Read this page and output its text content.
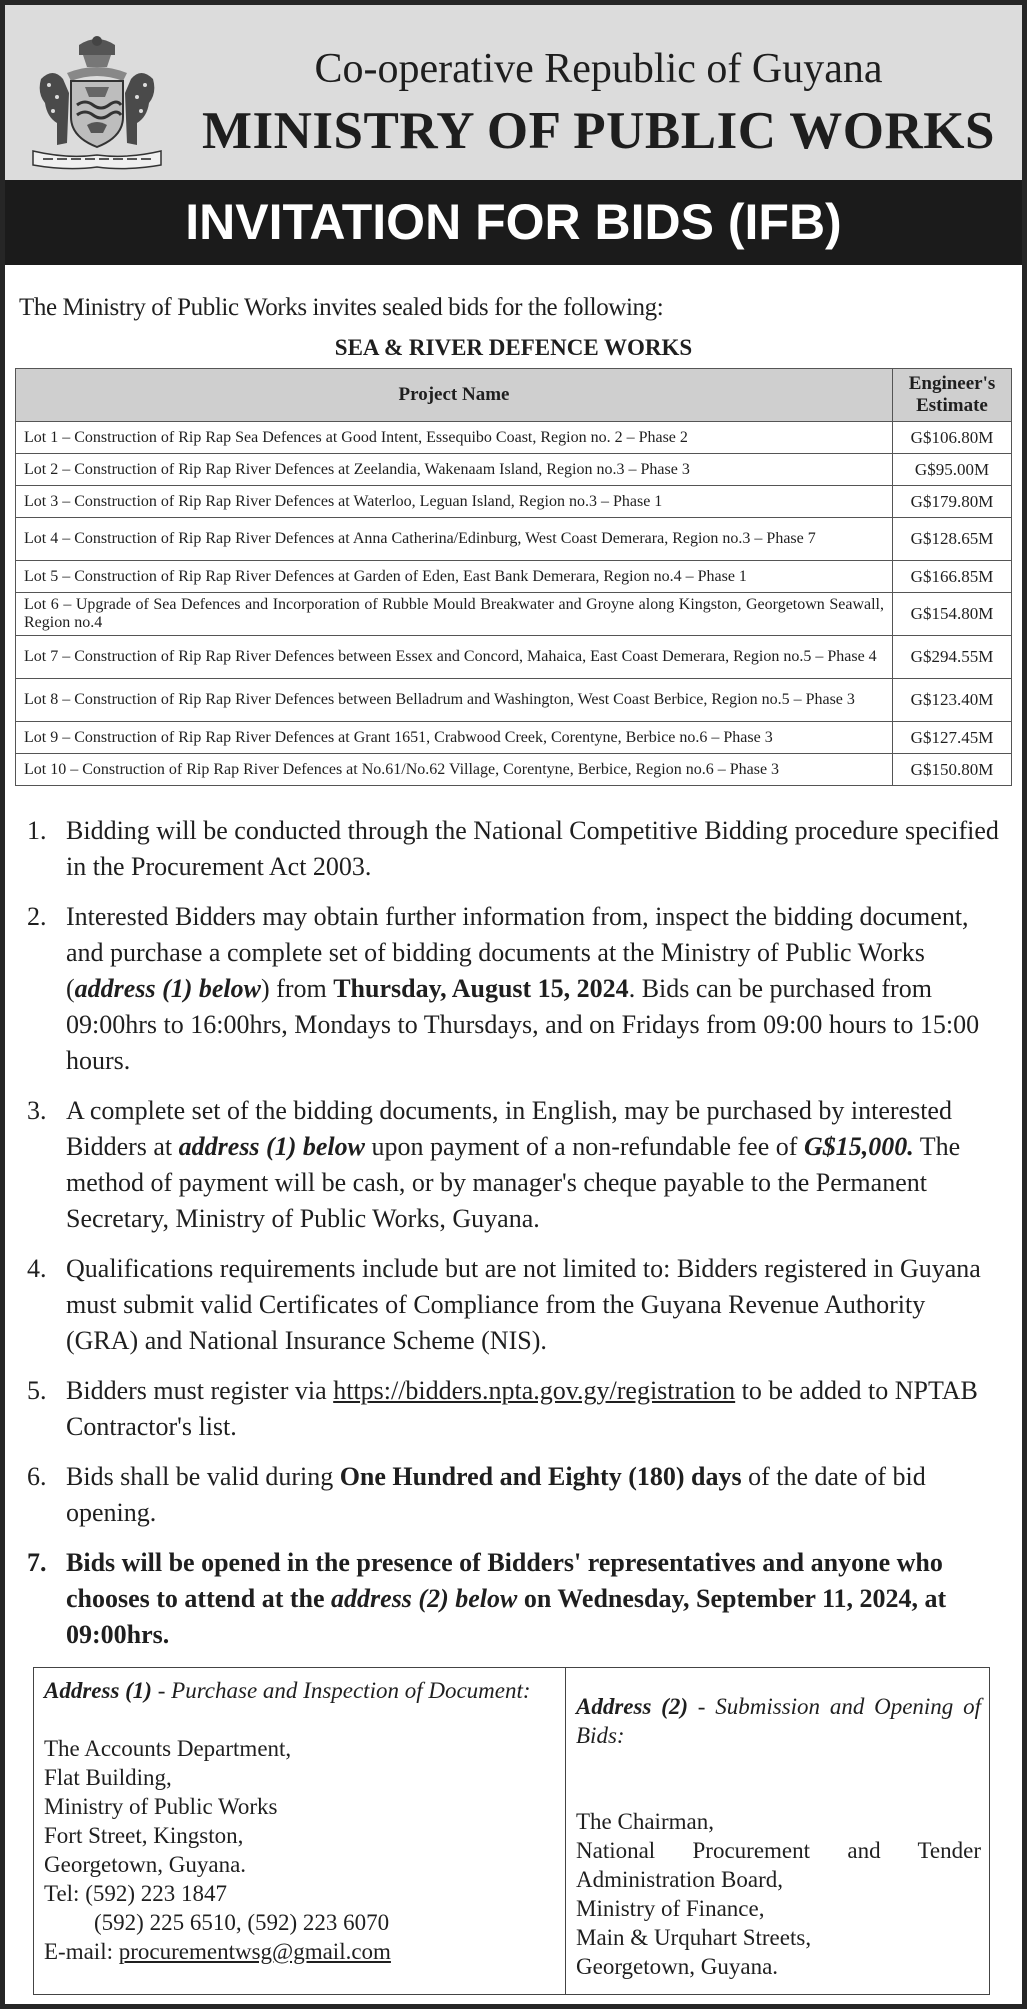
Co-operative Republic of Guyana
MINISTRY OF PUBLIC WORKS
INVITATION FOR BIDS (IFB)
The Ministry of Public Works invites sealed bids for the following:
SEA & RIVER DEFENCE WORKS
Project Name	Engineer's Estimate
Lot 1 – Construction of Rip Rap Sea Defences at Good Intent, Essequibo Coast, Region no. 2 – Phase 2	G$106.80M
Lot 2 – Construction of Rip Rap River Defences at Zeelandia, Wakenaam Island, Region no.3 – Phase 3	G$95.00M
Lot 3 – Construction of Rip Rap River Defences at Waterloo, Leguan Island, Region no.3 – Phase 1	G$179.80M
Lot 4 – Construction of Rip Rap River Defences at Anna Catherina/Edinburg, West Coast Demerara, Region no.3 – Phase 7	G$128.65M
Lot 5 – Construction of Rip Rap River Defences at Garden of Eden, East Bank Demerara, Region no.4 – Phase 1	G$166.85M
Lot 6 – Upgrade of Sea Defences and Incorporation of Rubble Mould Breakwater and Groyne along Kingston, Georgetown Seawall, Region no.4	G$154.80M
Lot 7 – Construction of Rip Rap River Defences between Essex and Concord, Mahaica, East Coast Demerara, Region no.5 – Phase 4	G$294.55M
Lot 8 – Construction of Rip Rap River Defences between Belladrum and Washington, West Coast Berbice, Region no.5 – Phase 3	G$123.40M
Lot 9 – Construction of Rip Rap River Defences at Grant 1651, Crabwood Creek, Corentyne, Berbice no.6 – Phase 3	G$127.45M
Lot 10 – Construction of Rip Rap River Defences at No.61/No.62 Village, Corentyne, Berbice, Region no.6 – Phase 3	G$150.80M
1. Bidding will be conducted through the National Competitive Bidding procedure specified in the Procurement Act 2003.
2. Interested Bidders may obtain further information from, inspect the bidding document, and purchase a complete set of bidding documents at the Ministry of Public Works (address (1) below) from Thursday, August 15, 2024. Bids can be purchased from 09:00hrs to 16:00hrs, Mondays to Thursdays, and on Fridays from 09:00 hours to 15:00 hours.
3. A complete set of the bidding documents, in English, may be purchased by interested Bidders at address (1) below upon payment of a non-refundable fee of G$15,000. The method of payment will be cash, or by manager's cheque payable to the Permanent Secretary, Ministry of Public Works, Guyana.
4. Qualifications requirements include but are not limited to: Bidders registered in Guyana must submit valid Certificates of Compliance from the Guyana Revenue Authority (GRA) and National Insurance Scheme (NIS).
5. Bidders must register via https://bidders.npta.gov.gy/registration to be added to NPTAB Contractor's list.
6. Bids shall be valid during One Hundred and Eighty (180) days of the date of bid opening.
7. Bids will be opened in the presence of Bidders' representatives and anyone who chooses to attend at the address (2) below on Wednesday, September 11, 2024, at 09:00hrs.
Address (1) - Purchase and Inspection of Document:
The Accounts Department,
Flat Building,
Ministry of Public Works
Fort Street, Kingston,
Georgetown, Guyana.
Tel: (592) 223 1847
(592) 225 6510, (592) 223 6070
E-mail: procurementwsg@gmail.com
Address (2) - Submission and Opening of Bids:
The Chairman,
National Procurement and Tender Administration Board,
Ministry of Finance,
Main & Urquhart Streets,
Georgetown, Guyana.
